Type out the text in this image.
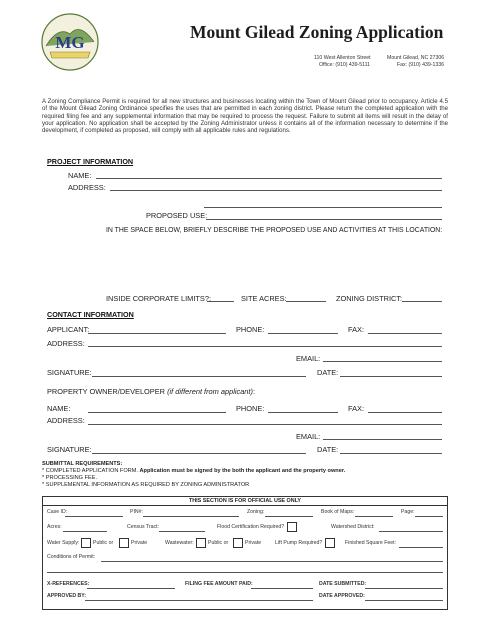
MG
Mount Gilead Zoning Application
110 West Allenton Street
Office: (910) 439-5111
Mount Gilead, NC 27306
Fax: (910) 439-1336
A Zoning Compliance Permit is required for all new structures and businesses locating within the Town of Mount Gilead prior to occupancy. Article 4.5 of the Mount Gilead Zoning Ordinance specifies the uses that are permitted in each zoning district. Please return the completed application with the required filing fee and any supplemental information that may be required to process the request. Failure to submit all items will result in the delay of your application. No application shall be accepted by the Zoning Administrator unless it contains all of the information necessary to determine if the development, if completed as proposed, will comply with all applicable rules and regulations.
PROJECT INFORMATION
NAME:
ADDRESS:
PROPOSED USE:
IN THE SPACE BELOW, BRIEFLY DESCRIBE THE PROPOSED USE AND ACTIVITIES AT THIS LOCATION:
INSIDE CORPORATE LIMITS?:	SITE ACRES:	ZONING DISTRICT:
CONTACT INFORMATION
APPLICANT:	PHONE:	FAX:
ADDRESS:
EMAIL:
SIGNATURE:	DATE:
PROPERTY OWNER/DEVELOPER (if different from applicant):
NAME:	PHONE:	FAX:
ADDRESS:
EMAIL:
SIGNATURE:	DATE:
SUBMITTAL REQUIREMENTS:
* COMPLETED APPLICATION FORM. Application must be signed by the both the applicant and the property owner.
* PROCESSING FEE.
* SUPPLEMENTAL INFORMATION AS REQUIRED BY ZONING ADMINISTRATOR
THIS SECTION IS FOR OFFICIAL USE ONLY
Case ID:	PIN#:	Zoning:	Book of Maps:	Page:
Acres:	Census Tract:	Flood Certification Required?	Watershed District:
Water Supply:	Public or	Private	Wastewater:	Public or	Private	Lift Pump Required?	Finished Square Feet:
Conditions of Permit:
X-REFERENCES:	FILING FEE AMOUNT PAID:	DATE SUBMITTED:
APPROVED BY:	DATE APPROVED:
